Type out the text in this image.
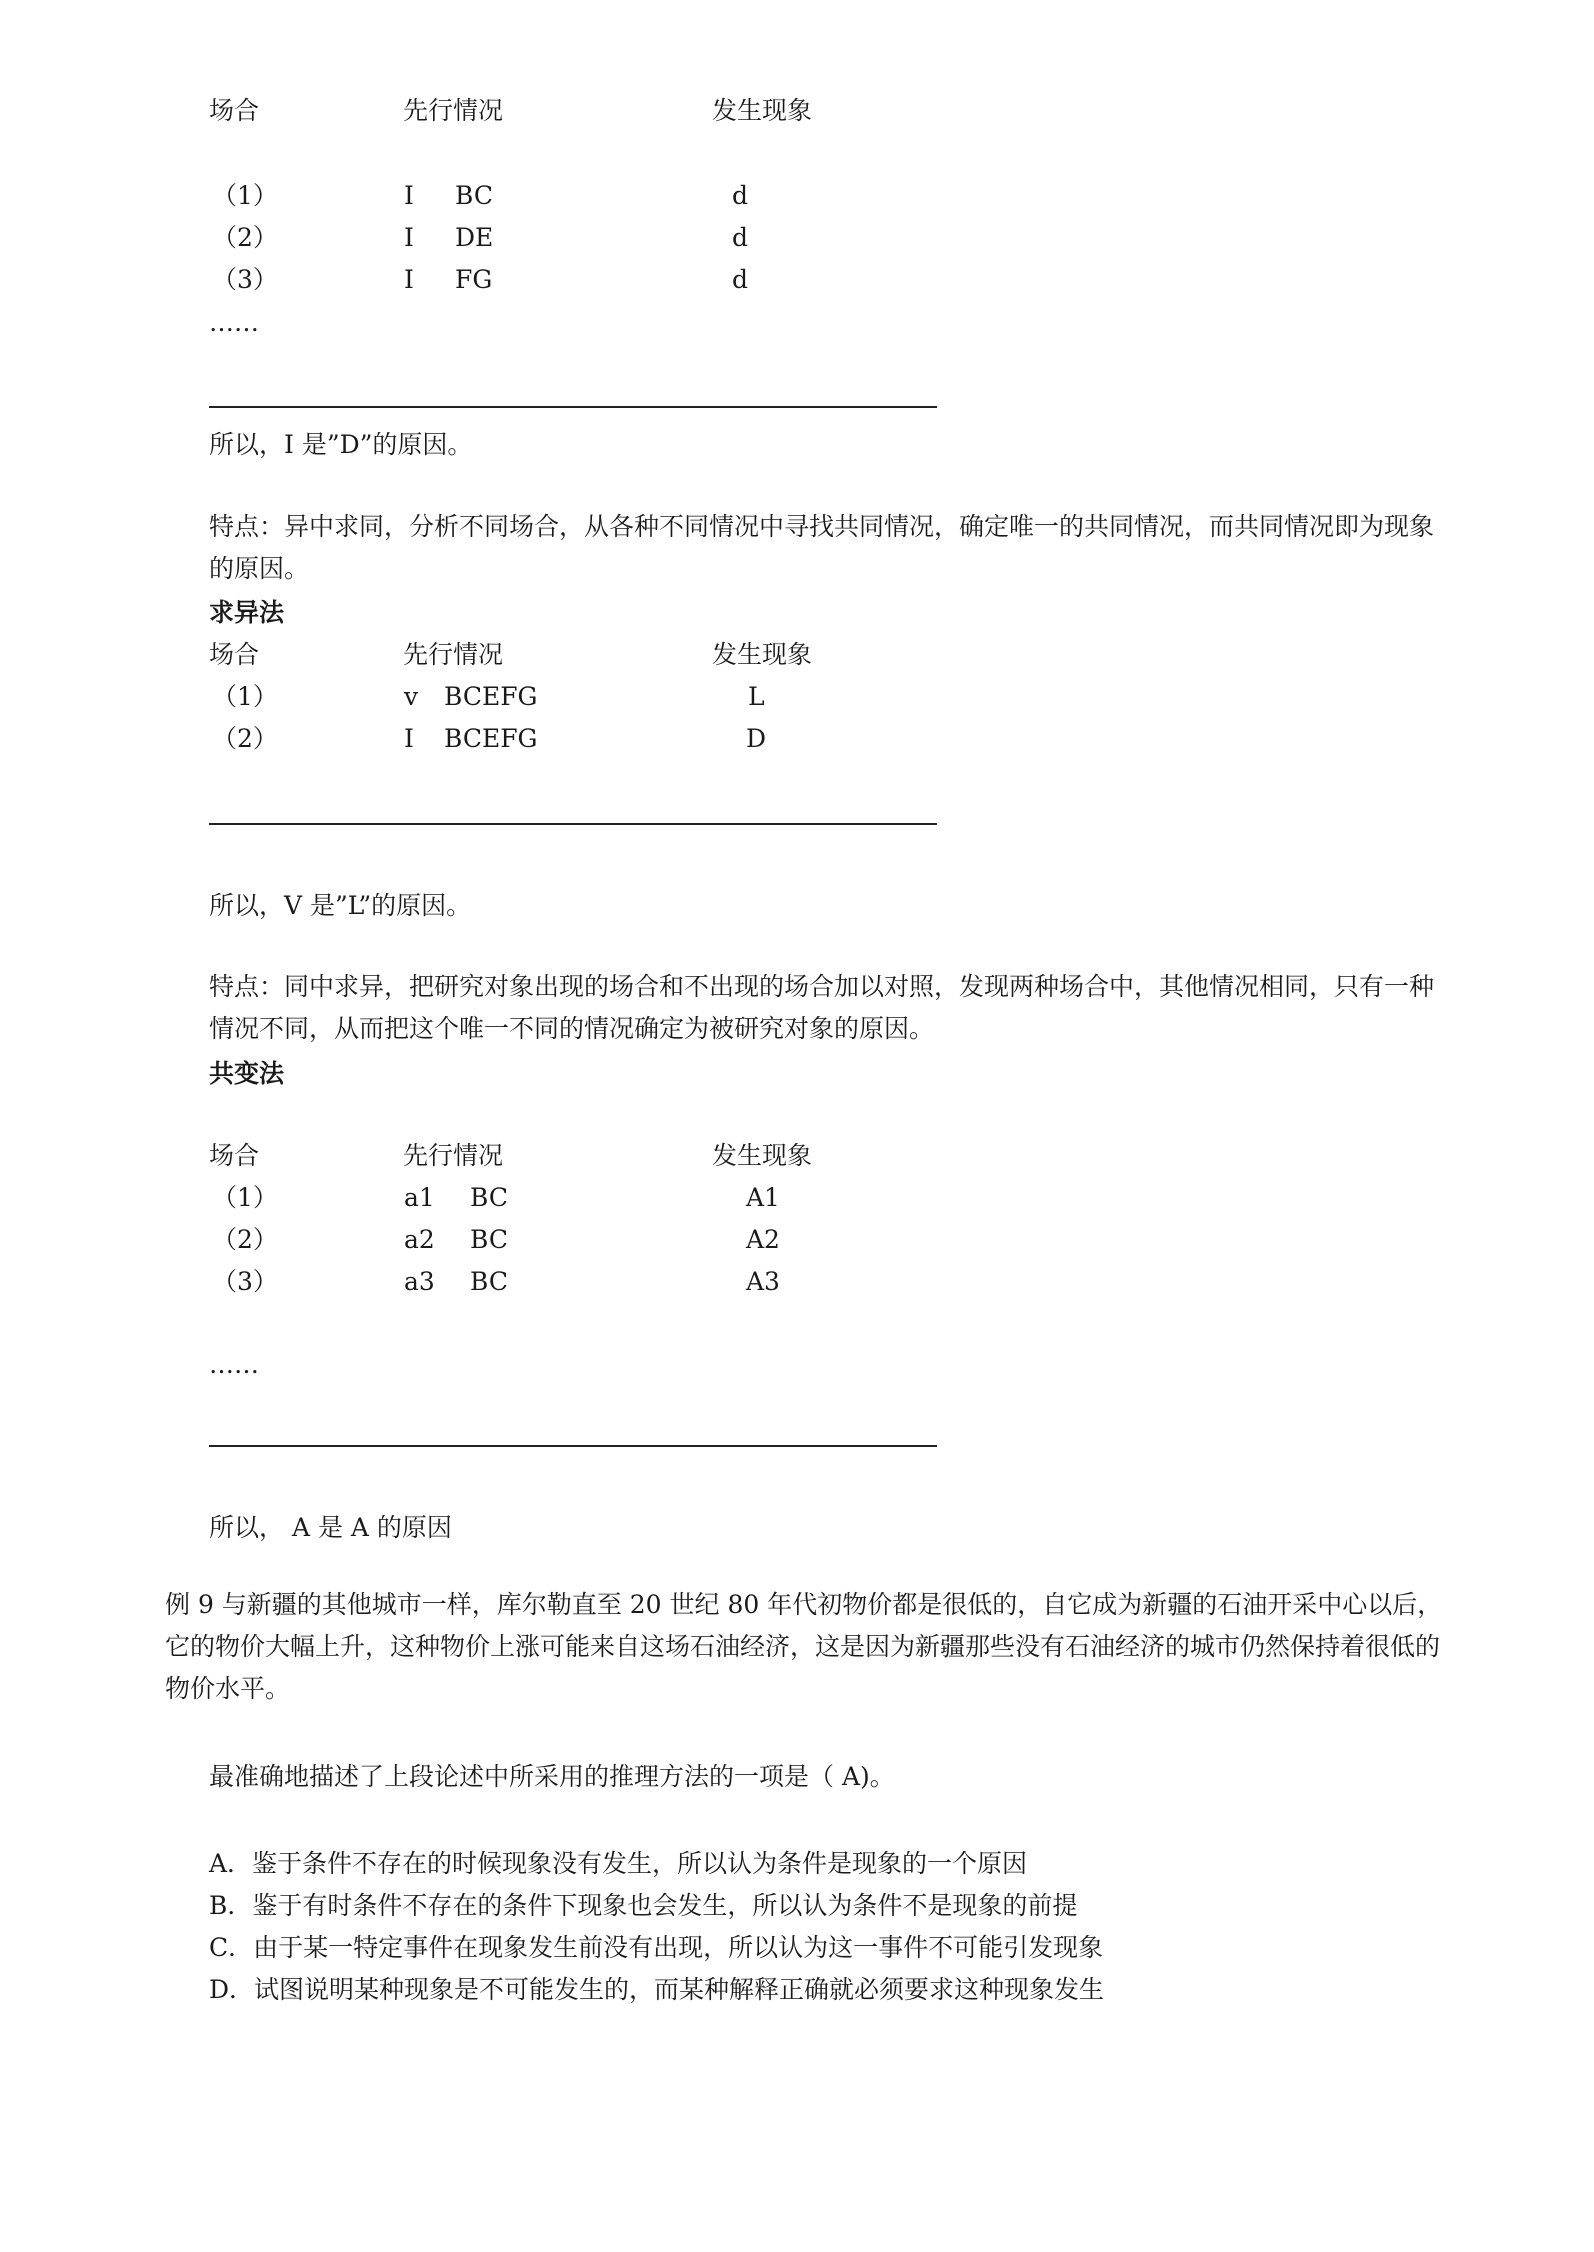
场合	先行情况	发生现象
（1）	I BC	d
（2）	I DE	d
（3）	I FG	d
……
所以，I 是”D”的原因。
特点：异中求同，分析不同场合，从各种不同情况中寻找共同情况，确定唯一的共同情况，而共同情况即为现象的原因。
求异法
场合	先行情况	发生现象
（1）	v BCEFG	L
（2）	I BCEFG	D
所以，V 是”L”的原因。
特点：同中求异，把研究对象出现的场合和不出现的场合加以对照，发现两种场合中，其他情况相同，只有一种情况不同，从而把这个唯一不同的情况确定为被研究对象的原因。
共变法
场合	先行情况	发生现象
（1）	a1 BC	A1
（2）	a2 BC	A2
（3）	a3 BC	A3
……
所以， A 是 A 的原因
例 9 与新疆的其他城市一样，库尔勒直至 20 世纪 80 年代初物价都是很低的，自它成为新疆的石油开采中心以后，它的物价大幅上升，这种物价上涨可能来自这场石油经济，这是因为新疆那些没有石油经济的城市仍然保持着很低的物价水平。
最准确地描述了上段论述中所采用的推理方法的一项是（ A)。
A．鉴于条件不存在的时候现象没有发生，所以认为条件是现象的一个原因
B．鉴于有时条件不存在的条件下现象也会发生，所以认为条件不是现象的前提
C．由于某一特定事件在现象发生前没有出现，所以认为这一事件不可能引发现象
D．试图说明某种现象是不可能发生的，而某种解释正确就必须要求这种现象发生
